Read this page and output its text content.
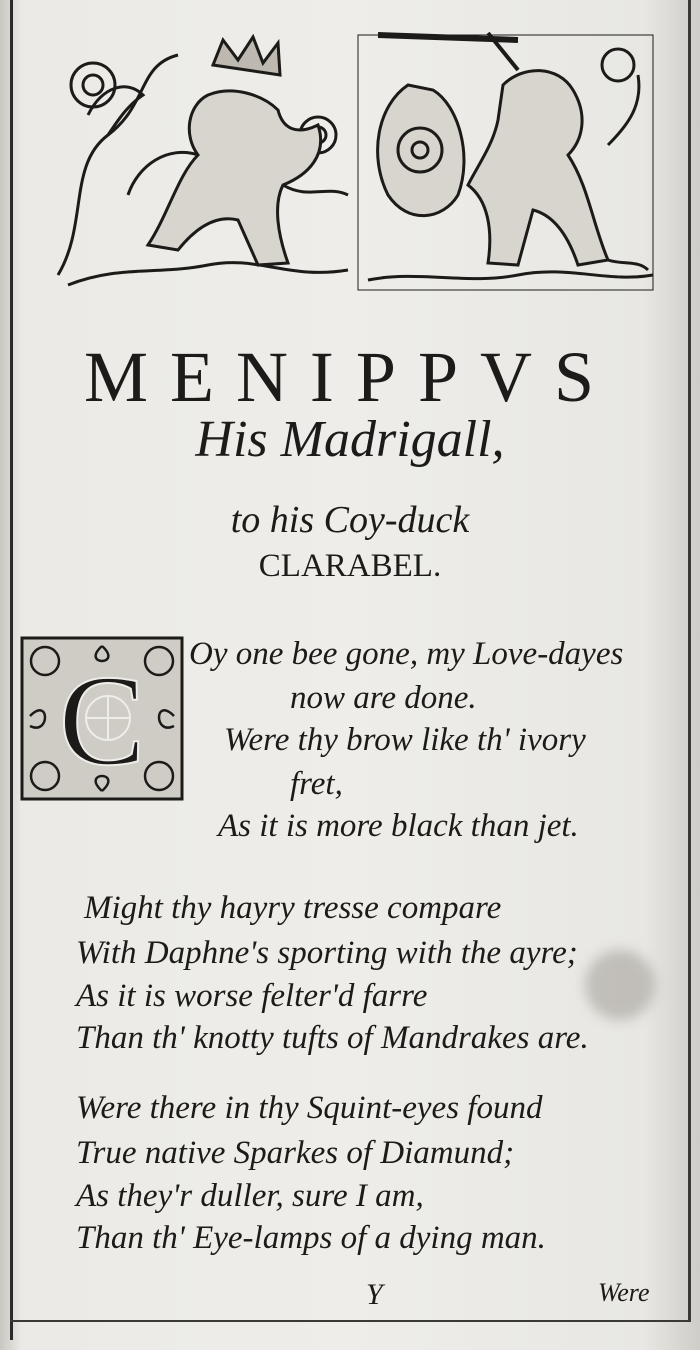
MENIPPVS
His Madrigall,
to his Coy-duck
CLARABEL.
C Oy one bee gone, my Love-dayes
now are done.
Were thy brow like th' ivory
fret,
As it is more black than jet.
Might thy hayry tresse compare
With Daphne's sporting with the ayre;
As it is worse felter'd farre
Than th' knotty tufts of Mandrakes are.
Were there in thy Squint-eyes found
True native Sparkes of Diamund;
As they'r duller, sure I am,
Than th' Eye-lamps of a dying man.
Y	Were
